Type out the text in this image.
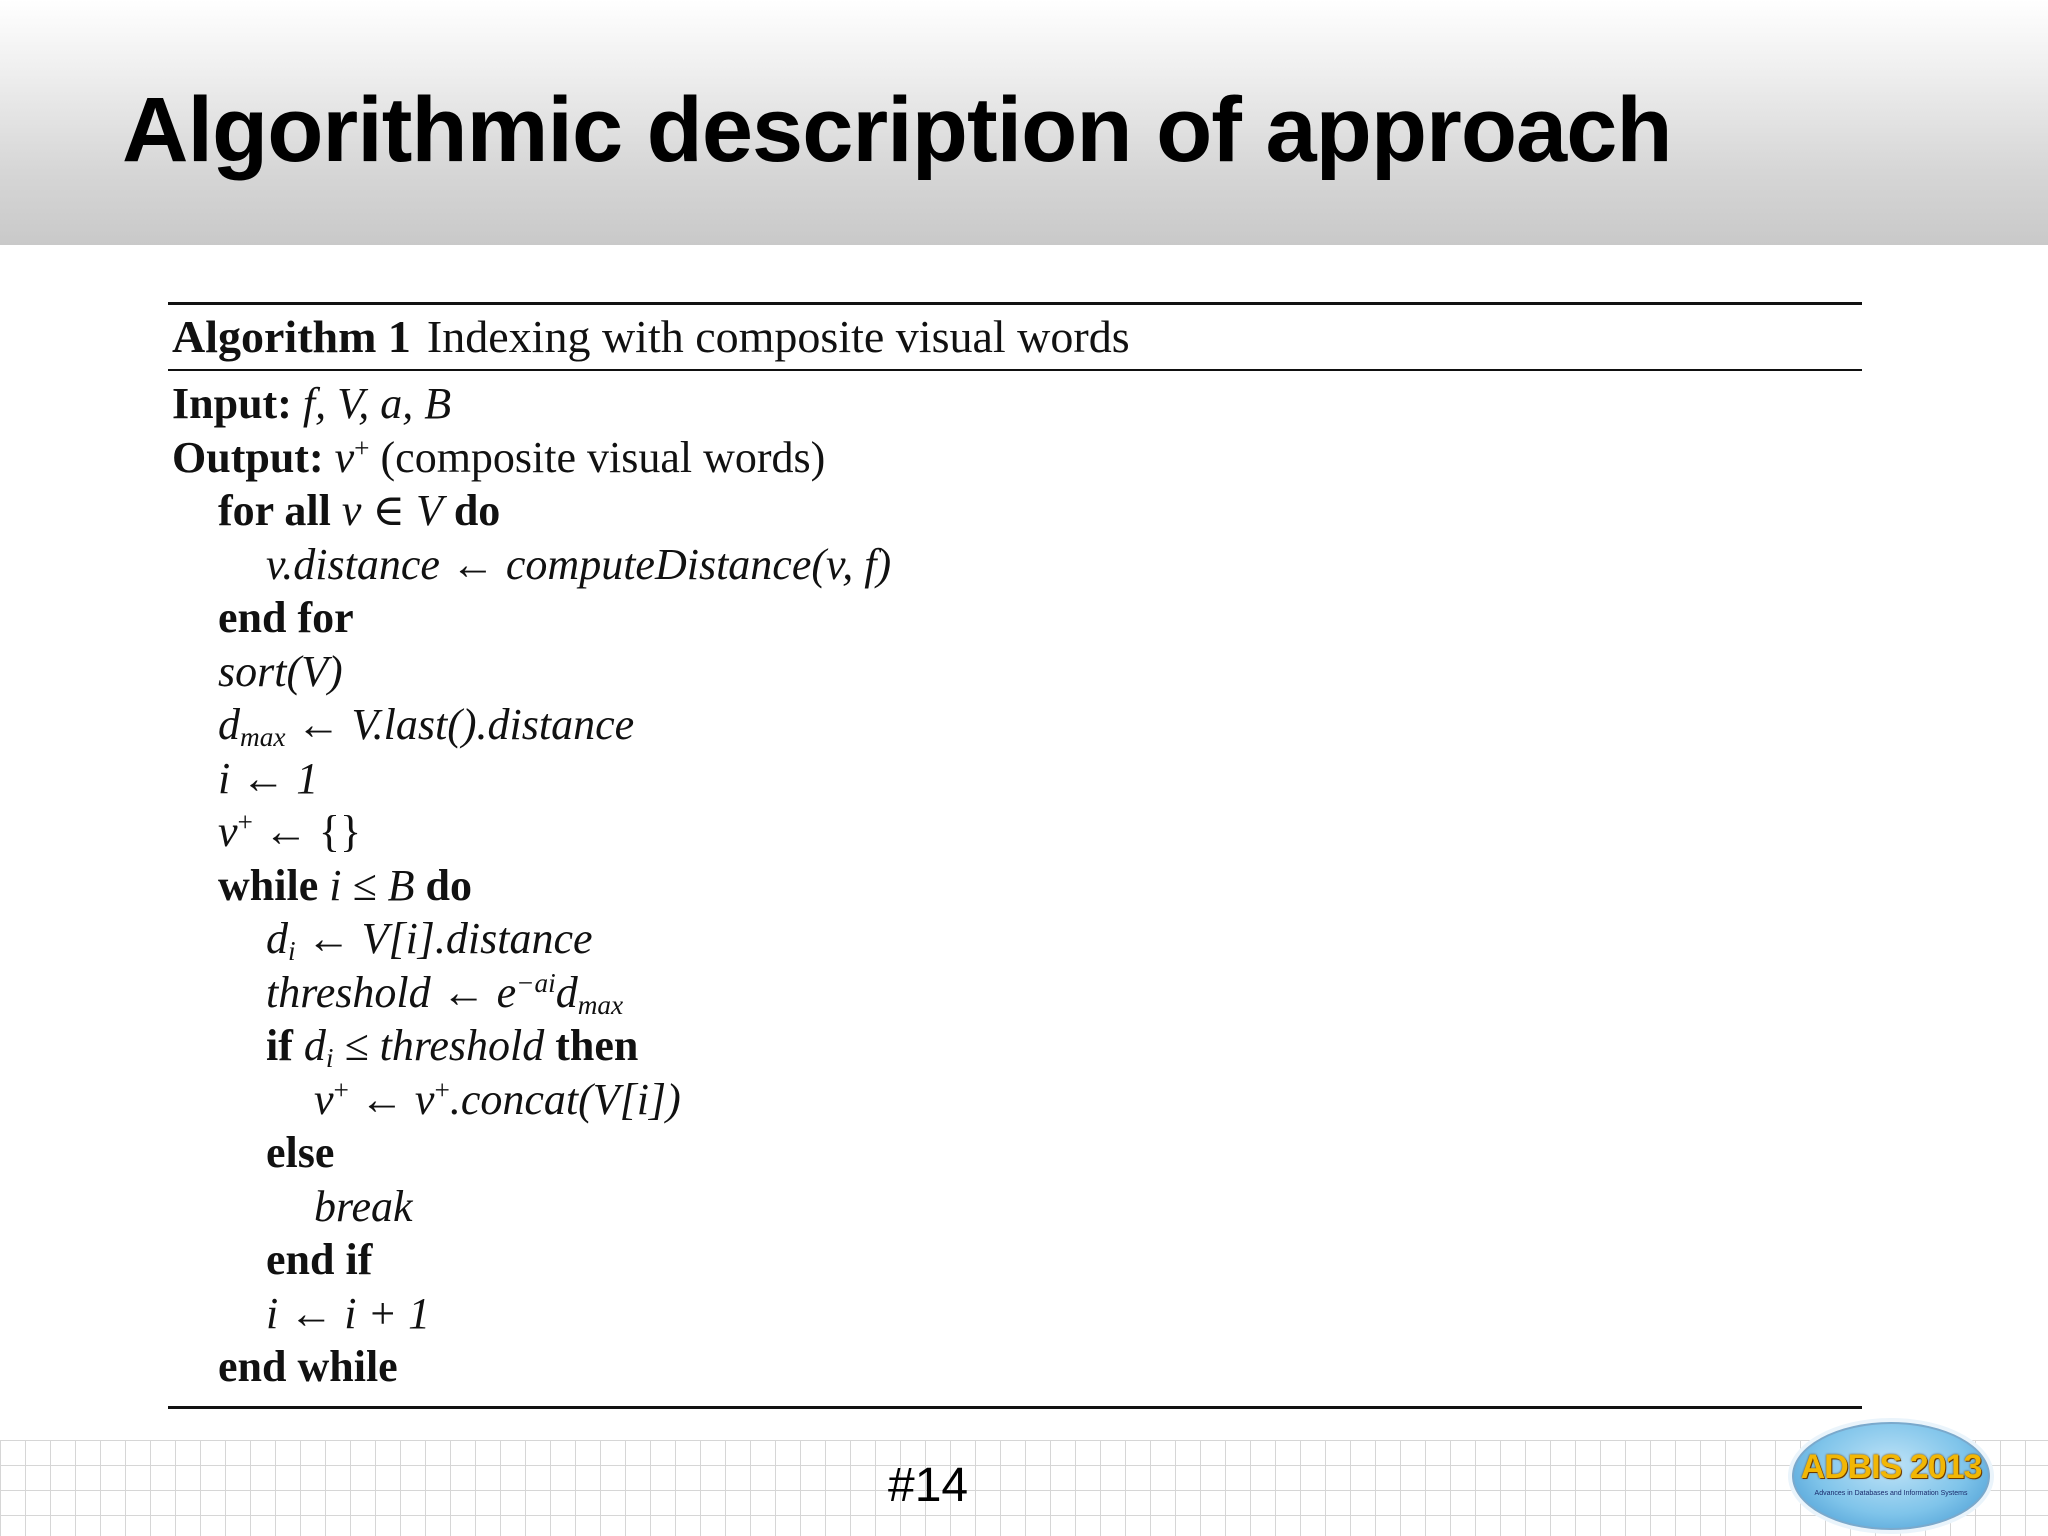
Algorithmic description of approach
Algorithm 1 Indexing with composite visual words
Input: f, V, a, B
Output: v+ (composite visual words)
for all v ∈ V do
v.distance ← computeDistance(v, f)
end for
sort(V)
$d_{max}$ ← V.last().distance
i ← 1
v+ ← {}
while i ≤ B do
$d_i$ ← V[i].distance
threshold ← $e^{-ai}d_{max}$
if $d_i$ ≤ threshold then
v+ ← v+.concat(V[i])
else
break
end if
i ← i + 1
end while
#14	ADBIS 2013
Advances in Databases and Information Systems
